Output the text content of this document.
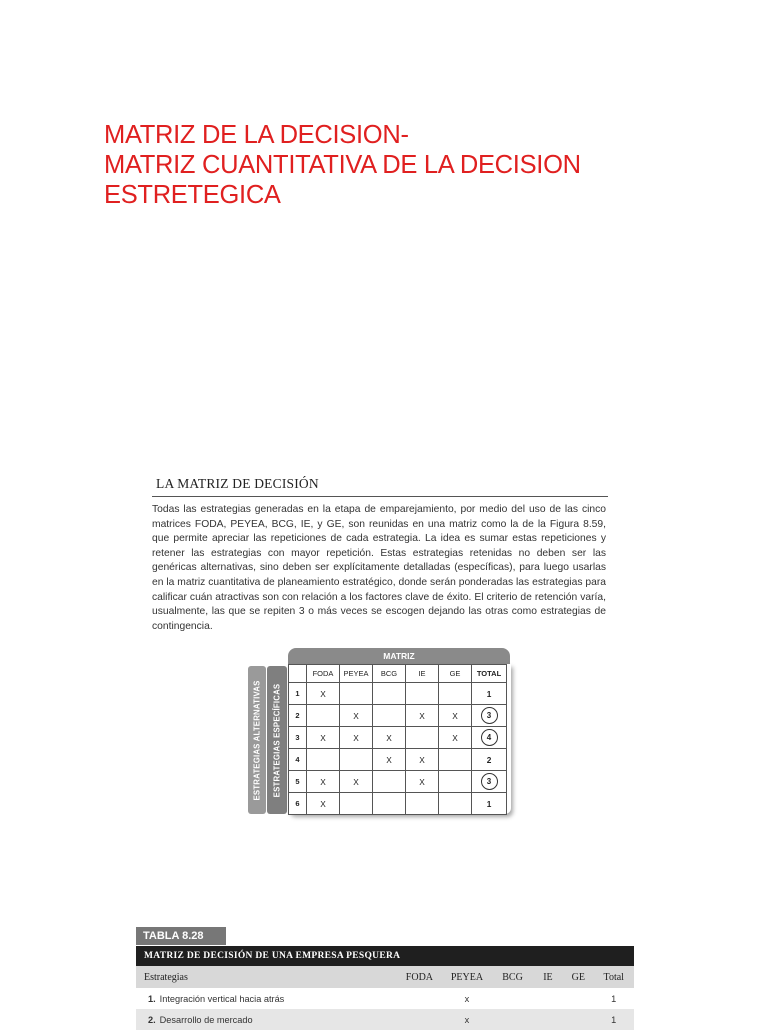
MATRIZ DE LA DECISION-
MATRIZ CUANTITATIVA DE LA DECISION
ESTRETEGICA
LA MATRIZ DE DECISIÓN
Todas las estrategias generadas en la etapa de emparejamiento, por medio del uso de las cinco matrices FODA, PEYEA, BCG, IE, y GE, son reunidas en una matriz como la de la Figura 8.59, que permite apreciar las repeticiones de cada estrategia. La idea es sumar estas repeticiones y retener las estrategias con mayor repetición. Estas estrategias retenidas no deben ser las genéricas alternativas, sino deben ser explícitamente detalladas (específicas), para luego usarlas en la matriz cuantitativa de planeamiento estratégico, donde serán ponderadas las estrategias para calificar cuán atractivas son con relación a los factores clave de éxito. El criterio de retención varía, usualmente, las que se repiten 3 o más veces se escogen dejando las otras como estrategias de contingencia.
ESTRATEGIAS ALTERNATIVAS ESTRATEGIAS ESPECÍFICAS
MATRIZ
	FODA	PEYEA	BCG	IE	GE	TOTAL
1	X					1
2		X		X	X	3
3	X	X	X		X	4
4			X	X		2
5	X	X		X		3
6	X					1
TABLA 8.28
MATRIZ DE DECISIÓN DE UNA EMPRESA PESQUERA
Estrategias	FODA	PEYEA	BCG	IE	GE	Total
1. Integración vertical hacia atrás		x				1
2. Desarrollo de mercado		x				1
